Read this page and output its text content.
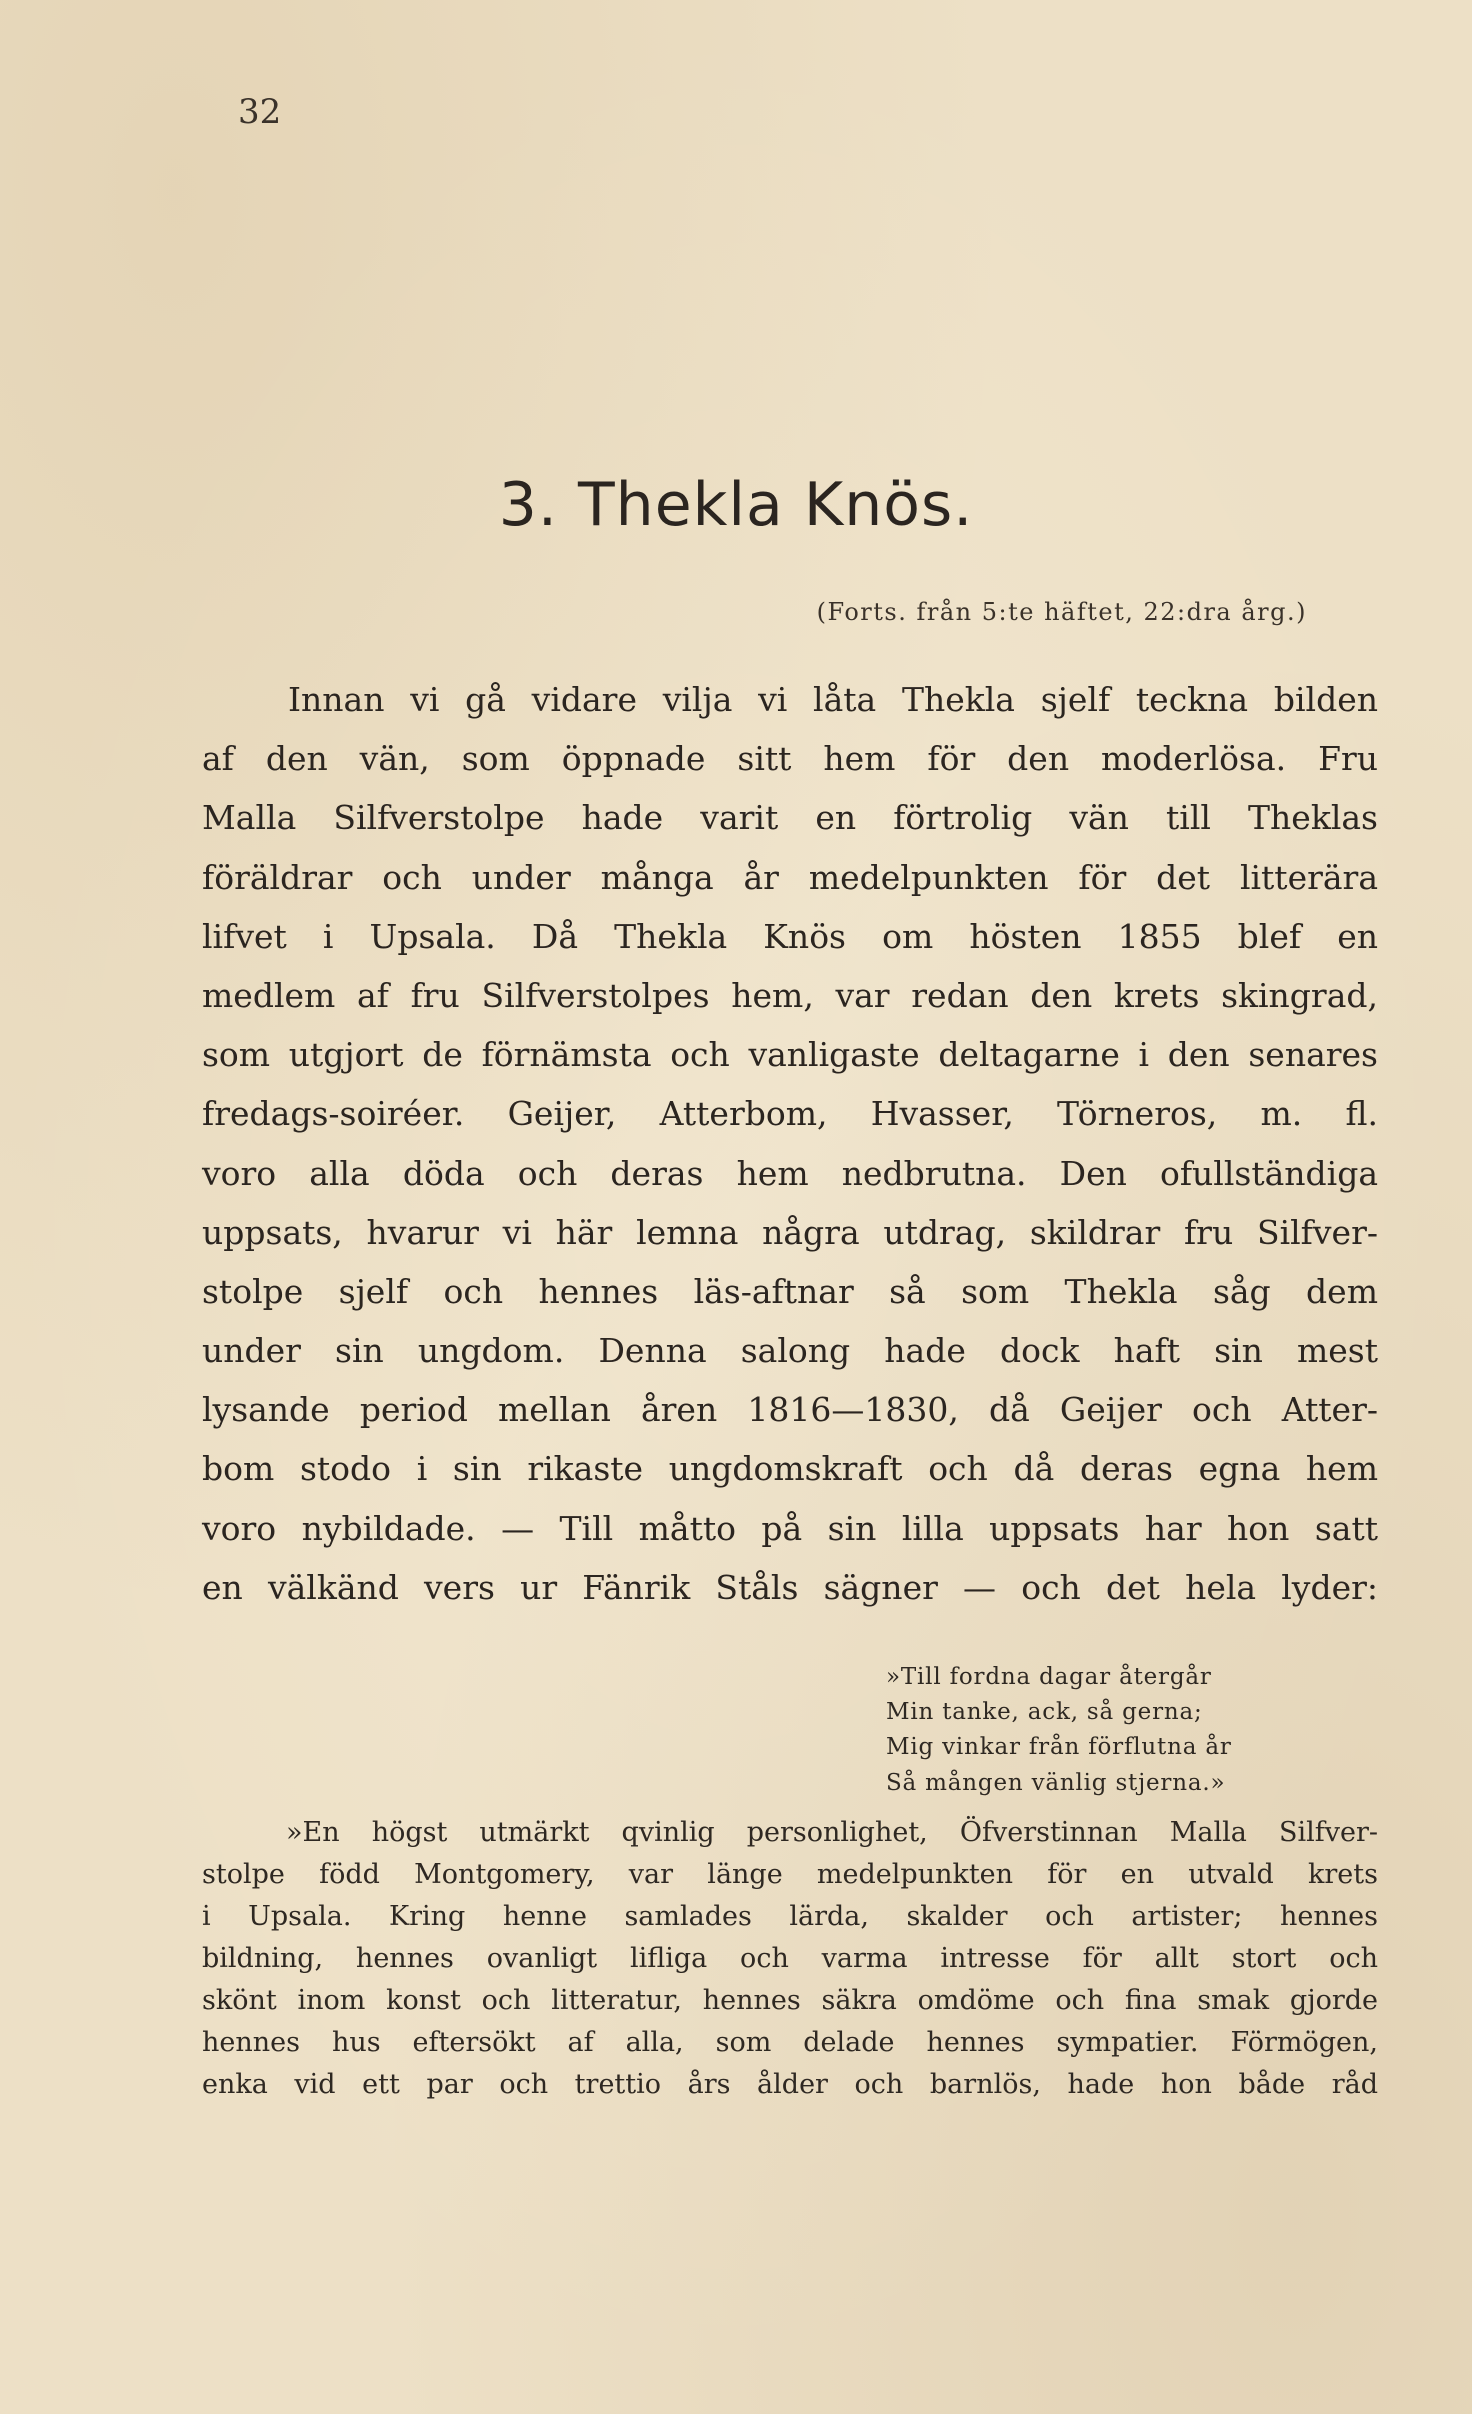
32
3. Thekla Knös.
(Forts. från 5:te häftet, 22:dra årg.)
Innan vi gå vidare vilja vi låta Thekla sjelf teckna bilden
af den vän, som öppnade sitt hem för den moderlösa. Fru
Malla Silfverstolpe hade varit en förtrolig vän till Theklas
föräldrar och under många år medelpunkten för det litterära
lifvet i Upsala. Då Thekla Knös om hösten 1855 blef en
medlem af fru Silfverstolpes hem, var redan den krets skingrad,
som utgjort de förnämsta och vanligaste deltagarne i den senares
fredags-soiréer. Geijer, Atterbom, Hvasser, Törneros, m. fl.
voro alla döda och deras hem nedbrutna. Den ofullständiga
uppsats, hvarur vi här lemna några utdrag, skildrar fru Silfver-
stolpe sjelf och hennes läs-aftnar så som Thekla såg dem
under sin ungdom. Denna salong hade dock haft sin mest
lysande period mellan åren 1816—1830, då Geijer och Atter-
bom stodo i sin rikaste ungdomskraft och då deras egna hem
voro nybildade. — Till måtto på sin lilla uppsats har hon satt
en välkänd vers ur Fänrik Ståls sägner — och det hela lyder:
»Till fordna dagar återgår
Min tanke, ack, så gerna;
Mig vinkar från förflutna år
Så mången vänlig stjerna.»
»En högst utmärkt qvinlig personlighet, Öfverstinnan Malla Silfver-
stolpe född Montgomery, var länge medelpunkten för en utvald krets
i Upsala. Kring henne samlades lärda, skalder och artister; hennes
bildning, hennes ovanligt lifliga och varma intresse för allt stort och
skönt inom konst och litteratur, hennes säkra omdöme och fina smak gjorde
hennes hus eftersökt af alla, som delade hennes sympatier. Förmögen,
enka vid ett par och trettio års ålder och barnlös, hade hon både råd
